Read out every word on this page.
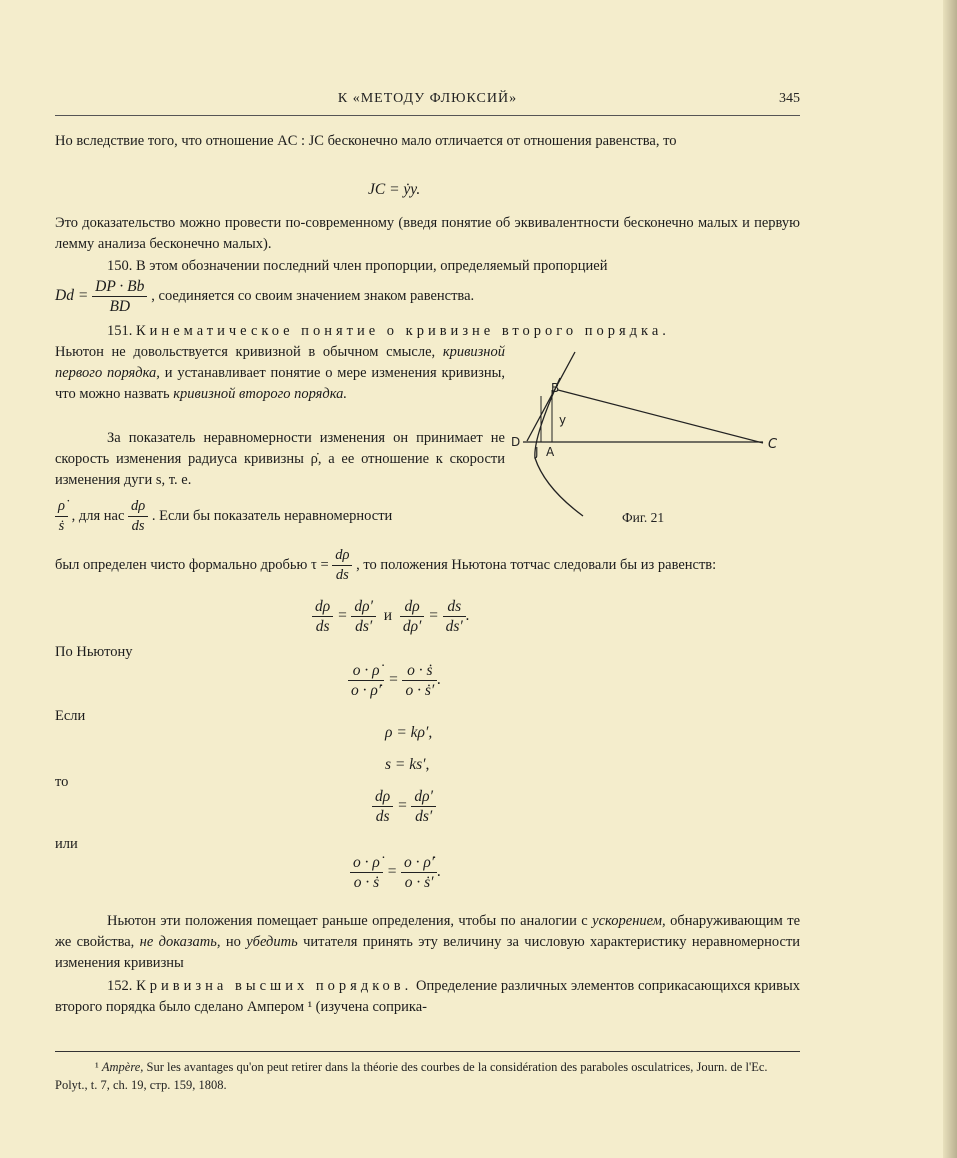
К «МЕТОДУ ФЛЮКСИЙ»	345
Но вследствие того, что отношение AC : JC бесконечно мало отличается от отношения равенства, то
JC = ẏy.
Это доказательство можно провести по-современному (введя понятие об эквивалентности бесконечно малых и первую лемму анализа бесконечно малых).
150. В этом обозначении последний член пропорции, определяемый пропорцией
$Dd = \frac{DP \cdot Bb}{BD}$ , соединяется со своим значением знаком равенства.
151. Кинематическое понятие о кривизне второго порядка.
Ньютон не довольствуется кривизной в обычном смысле, кривизной первого порядка, и устанавливает понятие о мере изменения кривизны, что можно назвать кривизной второго порядка.
За показатель неравномерности изменения он принимает не скорость изменения радиуса кривизны ρ̇, а ее отношение к скорости изменения дуги s, т. е.
$\frac{\rhȯ}{\text{ṡ}}$ , для нас $\frac{d\rho}{ds}$ . Если бы показатель неравномерности
B
y
D
J A	C
Фиг. 21
был определен чисто формально дробью $\tau = \frac{d\rho}{ds}$ , то положения Ньютона тотчас следовали бы из равенств:
$\frac{d\rho}{ds} = \frac{d\rho'}{ds'}$ и $\frac{d\rho}{d\rho'} = \frac{ds}{ds'}$ .
По Ньютону
$\frac{o \cdot \rhȯ}{o \cdot \rhȯ'} = \frac{\text{o · ṡ}}{\text{o · ṡ′}}$ .
Если
ρ = kρ′,
s = ks′,
то
$\frac{d\rho}{ds} = \frac{d\rho'}{ds'}$
или
$\frac{o \cdot \rhȯ}{\text{o · ṡ}} = \frac{o \cdot \rhȯ'}{\text{o · ṡ′}}$ .
Ньютон эти положения помещает раньше определения, чтобы по аналогии с ускорением, обнаруживающим те же свойства, не доказать, но убедить читателя принять эту величину за числовую характеристику неравномерности изменения кривизны
152. Кривизна высших порядков. Определение различных элементов соприкасающихся кривых второго порядка было сделано Ампером ¹ (изучена соприка-
¹ Ampère, Sur les avantages qu'on peut retirer dans la théorie des courbes de la considération des paraboles osculatrices, Journ. de l'Ec. Polyt., t. 7, ch. 19, стр. 159, 1808.
